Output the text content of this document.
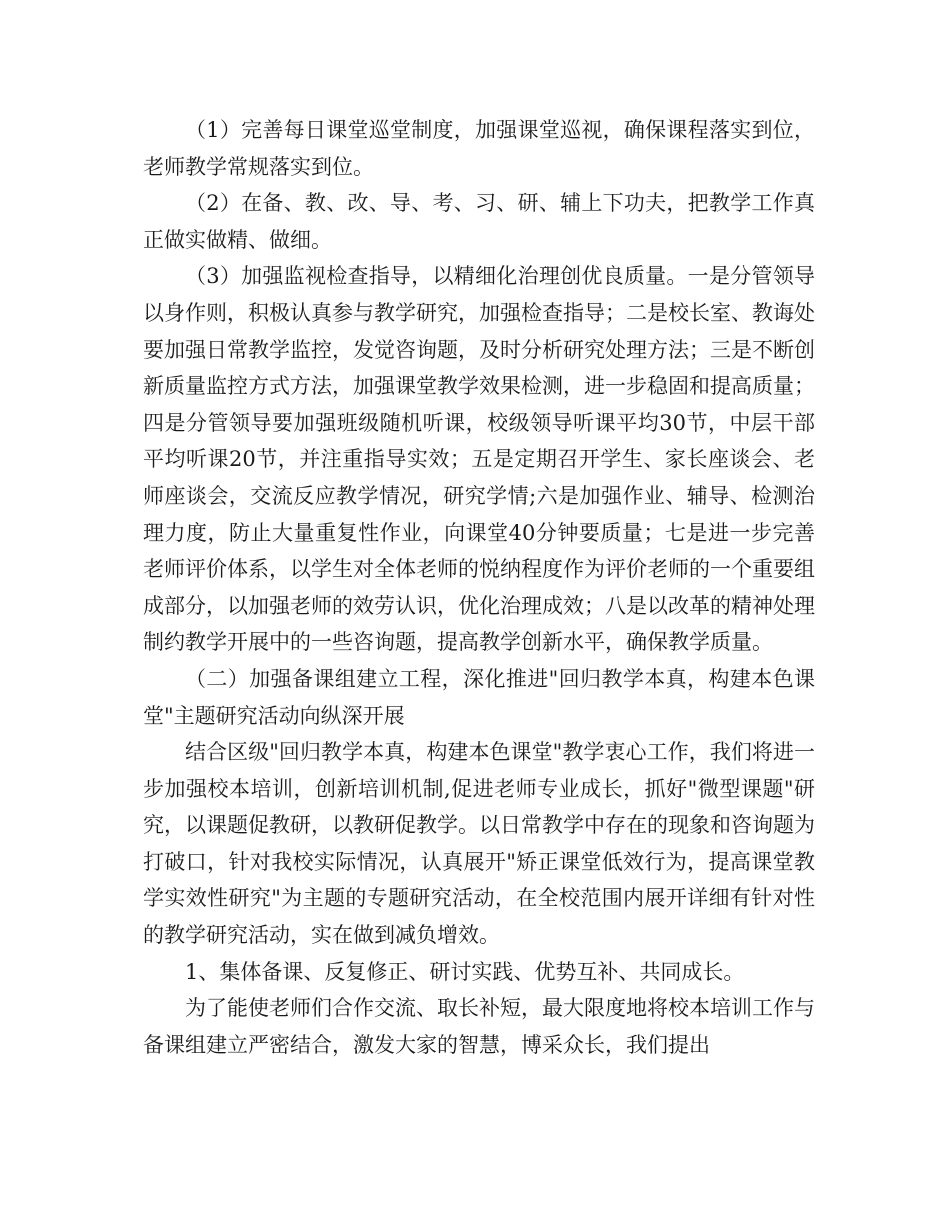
（1）完善每日课堂巡堂制度，加强课堂巡视，确保课程落实到位，老师教学常规落实到位。

（2）在备、教、改、导、考、习、研、辅上下功夫，把教学工作真正做实做精、做细。

（3）加强监视检查指导，以精细化治理创优良质量。一是分管领导以身作则，积极认真参与教学研究，加强检查指导；二是校长室、教诲处要加强日常教学监控，发觉咨询题，及时分析研究处理方法；三是不断创新质量监控方式方法，加强课堂教学效果检测，进一步稳固和提高质量；四是分管领导要加强班级随机听课，校级领导听课平均30节，中层干部平均听课20节，并注重指导实效；五是定期召开学生、家长座谈会、老师座谈会，交流反应教学情况，研究学情;六是加强作业、辅导、检测治理力度，防止大量重复性作业，向课堂40分钟要质量；七是进一步完善老师评价体系，以学生对全体老师的悦纳程度作为评价老师的一个重要组成部分，以加强老师的效劳认识，优化治理成效；八是以改革的精神处理制约教学开展中的一些咨询题，提高教学创新水平，确保教学质量。

（二）加强备课组建立工程，深化推进"回归教学本真，构建本色课堂"主题研究活动向纵深开展

结合区级"回归教学本真，构建本色课堂"教学衷心工作，我们将进一步加强校本培训，创新培训机制,促进老师专业成长，抓好"微型课题"研究，以课题促教研，以教研促教学。以日常教学中存在的现象和咨询题为打破口，针对我校实际情况，认真展开"矫正课堂低效行为，提高课堂教学实效性研究"为主题的专题研究活动，在全校范围内展开详细有针对性的教学研究活动，实在做到减负增效。

1、集体备课、反复修正、研讨实践、优势互补、共同成长。

为了能使老师们合作交流、取长补短，最大限度地将校本培训工作与备课组建立严密结合，激发大家的智慧，博采众长，我们提出
